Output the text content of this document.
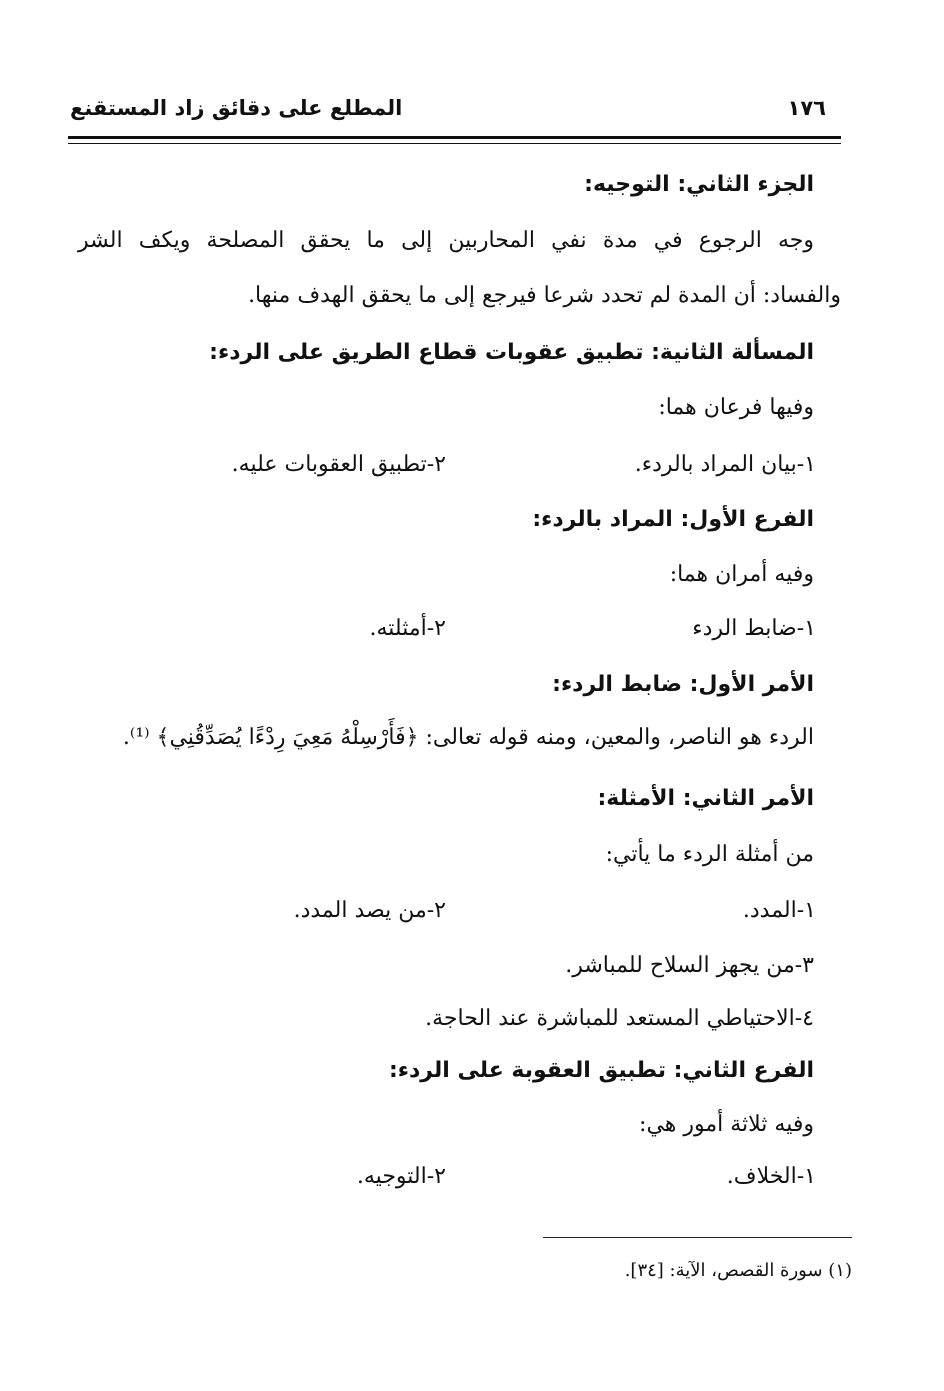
١٧٦
المطلع على دقائق زاد المستقنع
الجزء الثاني: التوجيه:
وجه الرجوع في مدة نفي المحاربين إلى ما يحقق المصلحة ويكف الشر
والفساد: أن المدة لم تحدد شرعا فيرجع إلى ما يحقق الهدف منها.
المسألة الثانية: تطبيق عقوبات قطاع الطريق على الردء:
وفيها فرعان هما:
١-بيان المراد بالردء.
٢-تطبيق العقوبات عليه.
الفرع الأول: المراد بالردء:
وفيه أمران هما:
١-ضابط الردء
٢-أمثلته.
الأمر الأول: ضابط الردء:
الردء هو الناصر، والمعين، ومنه قوله تعالى: ﴿فَأَرْسِلْهُ مَعِيَ رِدْءًا يُصَدِّقُنِي﴾ ⁽¹⁾.
الأمر الثاني: الأمثلة:
من أمثلة الردء ما يأتي:
١-المدد.
٢-من يصد المدد.
٣-من يجهز السلاح للمباشر.
٤-الاحتياطي المستعد للمباشرة عند الحاجة.
الفرع الثاني: تطبيق العقوبة على الردء:
وفيه ثلاثة أمور هي:
١-الخلاف.
٢-التوجيه.
(١) سورة القصص، الآية: [٣٤].
